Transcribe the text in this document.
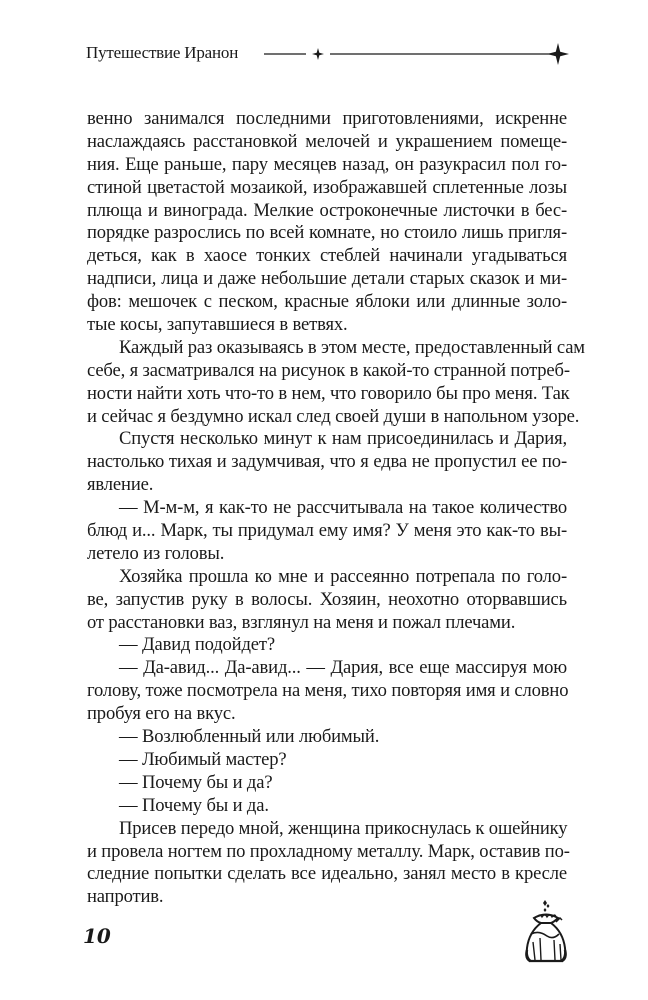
Путешествие Иранон
венно занимался последними приготовлениями, искренне
наслаждаясь расстановкой мелочей и украшением помеще-
ния. Еще раньше, пару месяцев назад, он разукрасил пол го-
стиной цветастой мозаикой, изображавшей сплетенные лозы
плюща и винограда. Мелкие остроконечные листочки в бес-
порядке разрослись по всей комнате, но стоило лишь пригля-
деться, как в хаосе тонких стеблей начинали угадываться
надписи, лица и даже небольшие детали старых сказок и ми-
фов: мешочек с песком, красные яблоки или длинные золо-
тые косы, запутавшиеся в ветвях.
Каждый раз оказываясь в этом месте, предоставленный сам
себе, я засматривался на рисунок в какой-то странной потреб-
ности найти хоть что-то в нем, что говорило бы про меня. Так
и сейчас я бездумно искал след своей души в напольном узоре.
Спустя несколько минут к нам присоединилась и Дария,
настолько тихая и задумчивая, что я едва не пропустил ее по-
явление.
— М-м-м, я как-то не рассчитывала на такое количество
блюд и... Марк, ты придумал ему имя? У меня это как-то вы-
летело из головы.
Хозяйка прошла ко мне и рассеянно потрепала по голо-
ве, запустив руку в волосы. Хозяин, неохотно оторвавшись
от расстановки ваз, взглянул на меня и пожал плечами.
— Давид подойдет?
— Да-авид... Да-авид... — Дария, все еще массируя мою
голову, тоже посмотрела на меня, тихо повторяя имя и словно
пробуя его на вкус.
— Возлюбленный или любимый.
— Любимый мастер?
— Почему бы и да?
— Почему бы и да.
Присев передо мной, женщина прикоснулась к ошейнику
и провела ногтем по прохладному металлу. Марк, оставив по-
следние попытки сделать все идеально, занял место в кресле
напротив.
10
